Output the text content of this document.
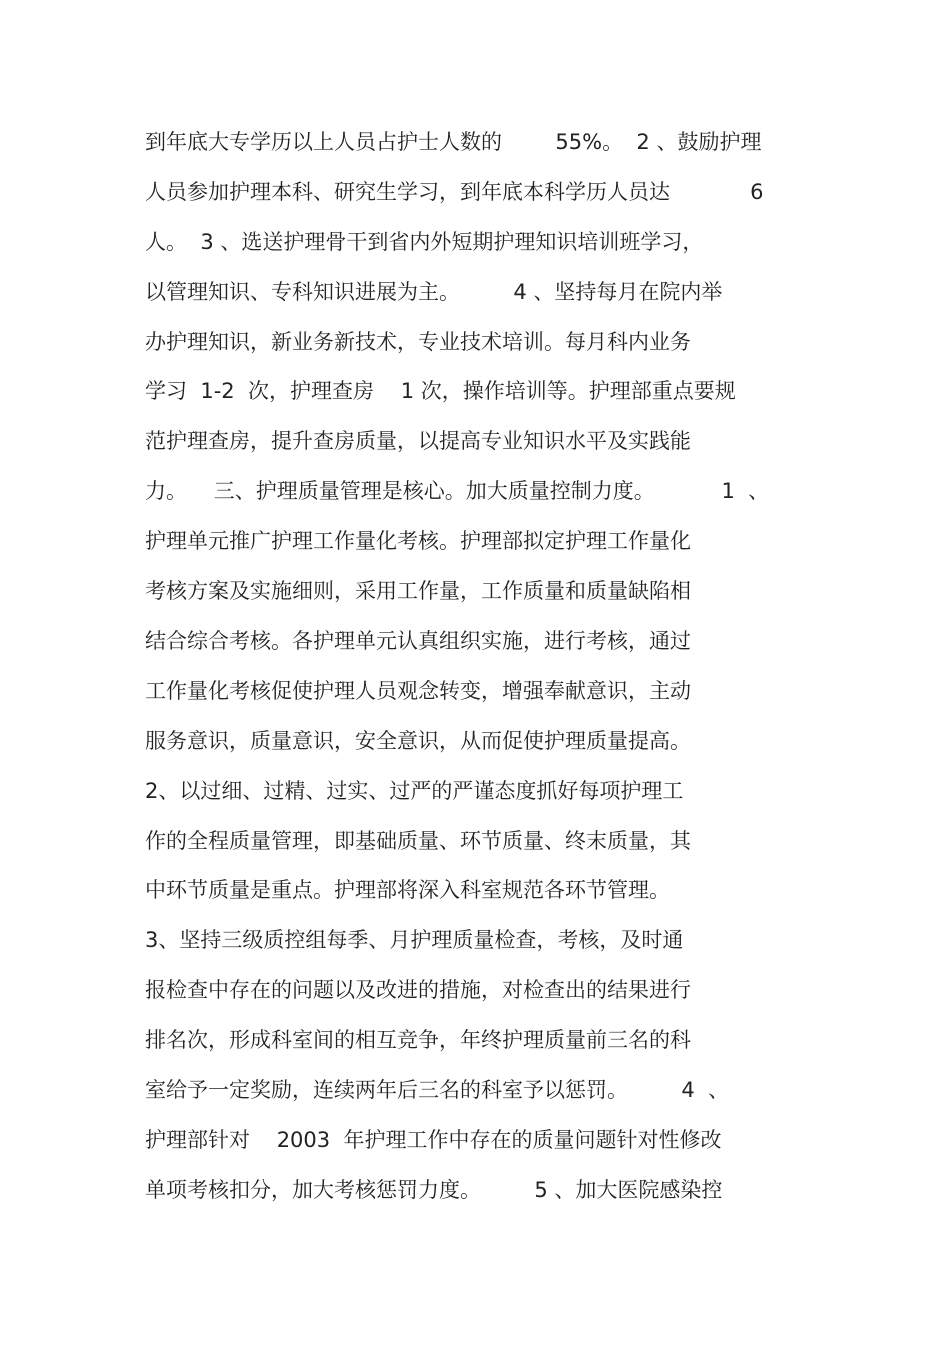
到年底大专学历以上人员占护士人数的        55%。  2 、鼓励护理
人员参加护理本科、研究生学习，到年底本科学历人员达            6
人。  3 、选送护理骨干到省内外短期护理知识培训班学习，
以管理知识、专科知识进展为主。        4 、坚持每月在院内举
办护理知识，新业务新技术，专业技术培训。每月科内业务
学习  1-2  次，护理查房    1 次，操作培训等。护理部重点要规
范护理查房，提升查房质量，以提高专业知识水平及实践能
力。    三、护理质量管理是核心。加大质量控制力度。          1  、
护理单元推广护理工作量化考核。护理部拟定护理工作量化
考核方案及实施细则，采用工作量，工作质量和质量缺陷相
结合综合考核。各护理单元认真组织实施，进行考核，通过
工作量化考核促使护理人员观念转变，增强奉献意识，主动
服务意识，质量意识，安全意识，从而促使护理质量提高。
2、以过细、过精、过实、过严的严谨态度抓好每项护理工
作的全程质量管理，即基础质量、环节质量、终末质量，其
中环节质量是重点。护理部将深入科室规范各环节管理。
3、坚持三级质控组每季、月护理质量检查，考核，及时通
报检查中存在的问题以及改进的措施，对检查出的结果进行
排名次，形成科室间的相互竞争，年终护理质量前三名的科
室给予一定奖励，连续两年后三名的科室予以惩罚。        4  、
护理部针对    2003  年护理工作中存在的质量问题针对性修改
单项考核扣分，加大考核惩罚力度。        5 、加大医院感染控
